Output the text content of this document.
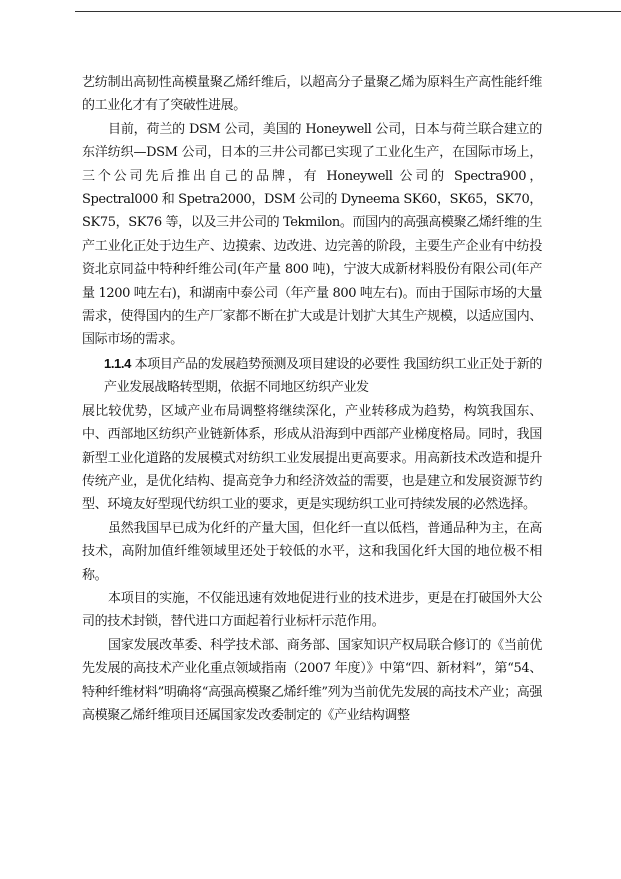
艺纺制出高韧性高模量聚乙烯纤维后，以超高分子量聚乙烯为原料生产高性能纤维的工业化才有了突破性进展。

目前，荷兰的 DSM 公司，美国的 Honeywell 公司，日本与荷兰联合建立的东洋纺织—DSM 公司，日本的三井公司都已实现了工业化生产，在国际市场上，三个公司先后推出自己的品牌，有 Honeywell 公司的 Spectra900，Spectral000 和 Spetra2000，DSM 公司的 Dyneema SK60，SK65，SK70，SK75，SK76 等，以及三井公司的 Tekmilon。而国内的高强高模聚乙烯纤维的生产工业化正处于边生产、边摸索、边改进、边完善的阶段，主要生产企业有中纺投资北京同益中特种纤维公司(年产量 800 吨)，宁波大成新材料股份有限公司(年产量 1200 吨左右)，和湖南中泰公司（年产量 800 吨左右)。而由于国际市场的大量需求，使得国内的生产厂家都不断在扩大或是计划扩大其生产规模，以适应国内、国际市场的需求。

1.1.4 本项目产品的发展趋势预测及项目建设的必要性 我国纺织工业正处于新的产业发展战略转型期，依据不同地区纺织产业发

展比较优势，区域产业布局调整将继续深化，产业转移成为趋势，构筑我国东、中、西部地区纺织产业链新体系，形成从沿海到中西部产业梯度格局。同时，我国新型工业化道路的发展模式对纺织工业发展提出更高要求。用高新技术改造和提升传统产业，是优化结构、提高竞争力和经济效益的需要，也是建立和发展资源节约型、环境友好型现代纺织工业的要求，更是实现纺织工业可持续发展的必然选择。

虽然我国早已成为化纤的产量大国，但化纤一直以低档，普通品种为主，在高技术，高附加值纤维领域里还处于较低的水平，这和我国化纤大国的地位极不相称。

本项目的实施，不仅能迅速有效地促进行业的技术进步，更是在打破国外大公司的技术封锁，替代进口方面起着行业标杆示范作用。

国家发展改革委、科学技术部、商务部、国家知识产权局联合修订的《当前优先发展的高技术产业化重点领域指南（2007 年度）》中第“四、新材料”，第“54、特种纤维材料”明确将“高强高模聚乙烯纤维”列为当前优先发展的高技术产业；高强高模聚乙烯纤维项目还属国家发改委制定的《产业结构调整
